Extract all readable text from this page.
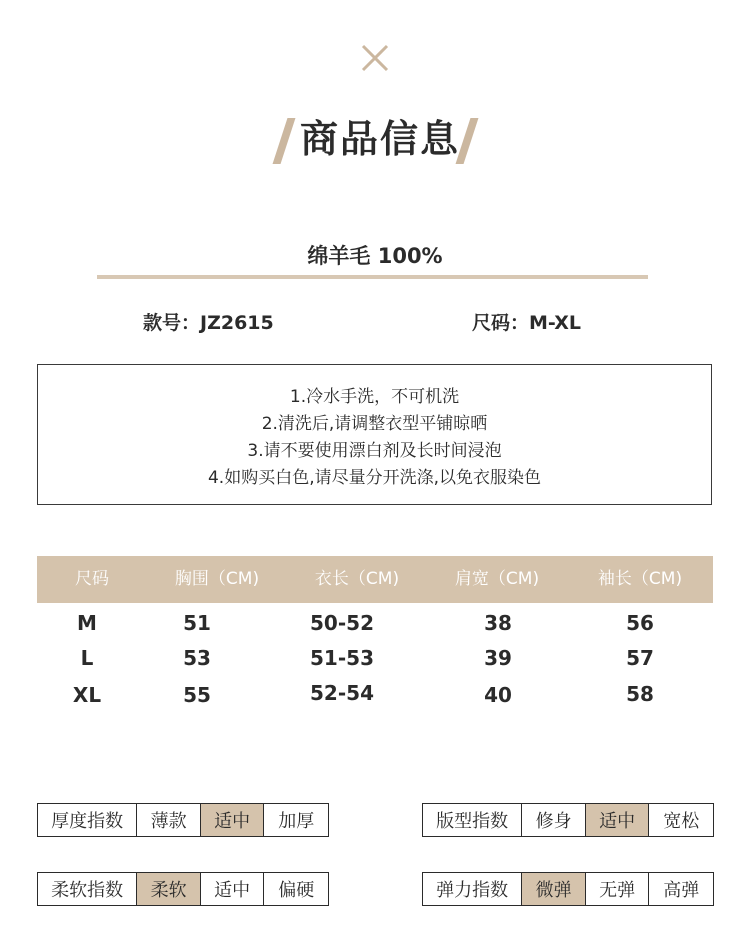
商品信息
绵羊毛 100%
款号：JZ2615	尺码：M-XL
1.冷水手洗，不可机洗
2.清洗后,请调整衣型平铺晾晒
3.请不要使用漂白剂及长时间浸泡
4.如购买白色,请尽量分开洗涤,以免衣服染色
尺码	胸围（CM)	衣长（CM)	肩宽（CM)	袖长（CM)
M	51	50-52	38	56
L	53	51-53	39	57
XL	55	52-54	40	58
厚度指数	薄款	适中	加厚	版型指数	修身	适中	宽松
柔软指数	柔软	适中	偏硬	弹力指数	微弹	无弹	高弹
